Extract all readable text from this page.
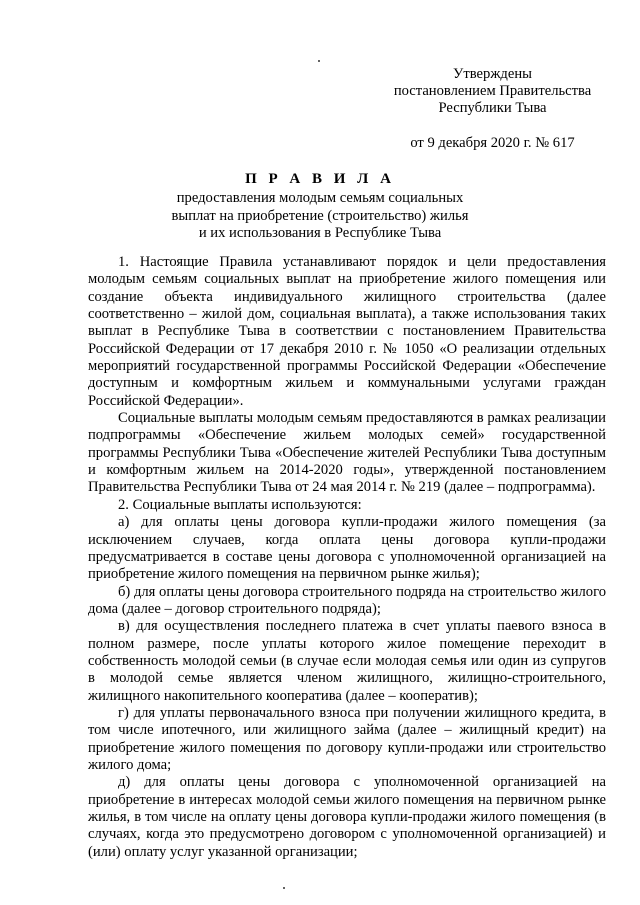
Утверждены
постановлением Правительства
Республики Тыва
от 9 декабря 2020 г. № 617
П Р А В И Л А
предоставления молодым семьям социальных
выплат на приобретение (строительство) жилья
и их использования в Республике Тыва

1. Настоящие Правила устанавливают порядок и цели предоставления молодым семьям социальных выплат на приобретение жилого помещения или создание объекта индивидуального жилищного строительства (далее соответственно – жилой дом, социальная выплата), а также использования таких выплат в Республике Тыва в соответствии с постановлением Правительства Российской Федерации от 17 декабря 2010 г. № 1050 «О реализации отдельных мероприятий государственной программы Российской Федерации «Обеспечение доступным и комфортным жильем и коммунальными услугами граждан Российской Федерации».

Социальные выплаты молодым семьям предоставляются в рамках реализации подпрограммы «Обеспечение жильем молодых семей» государственной программы Республики Тыва «Обеспечение жителей Республики Тыва доступным и комфортным жильем на 2014-2020 годы», утвержденной постановлением Правительства Республики Тыва от 24 мая 2014 г. № 219 (далее – подпрограмма).

2. Социальные выплаты используются:

а) для оплаты цены договора купли-продажи жилого помещения (за исключением случаев, когда оплата цены договора купли-продажи предусматривается в составе цены договора с уполномоченной организацией на приобретение жилого помещения на первичном рынке жилья);

б) для оплаты цены договора строительного подряда на строительство жилого дома (далее – договор строительного подряда);

в) для осуществления последнего платежа в счет уплаты паевого взноса в полном размере, после уплаты которого жилое помещение переходит в собственность молодой семьи (в случае если молодая семья или один из супругов в молодой семье является членом жилищного, жилищно-строительного, жилищного накопительного кооператива (далее – кооператив);

г) для уплаты первоначального взноса при получении жилищного кредита, в том числе ипотечного, или жилищного займа (далее – жилищный кредит) на приобретение жилого помещения по договору купли-продажи или строительство жилого дома;

д) для оплаты цены договора с уполномоченной организацией на приобретение в интересах молодой семьи жилого помещения на первичном рынке жилья, в том числе на оплату цены договора купли-продажи жилого помещения (в случаях, когда это предусмотрено договором с уполномоченной организацией) и (или) оплату услуг указанной организации;
